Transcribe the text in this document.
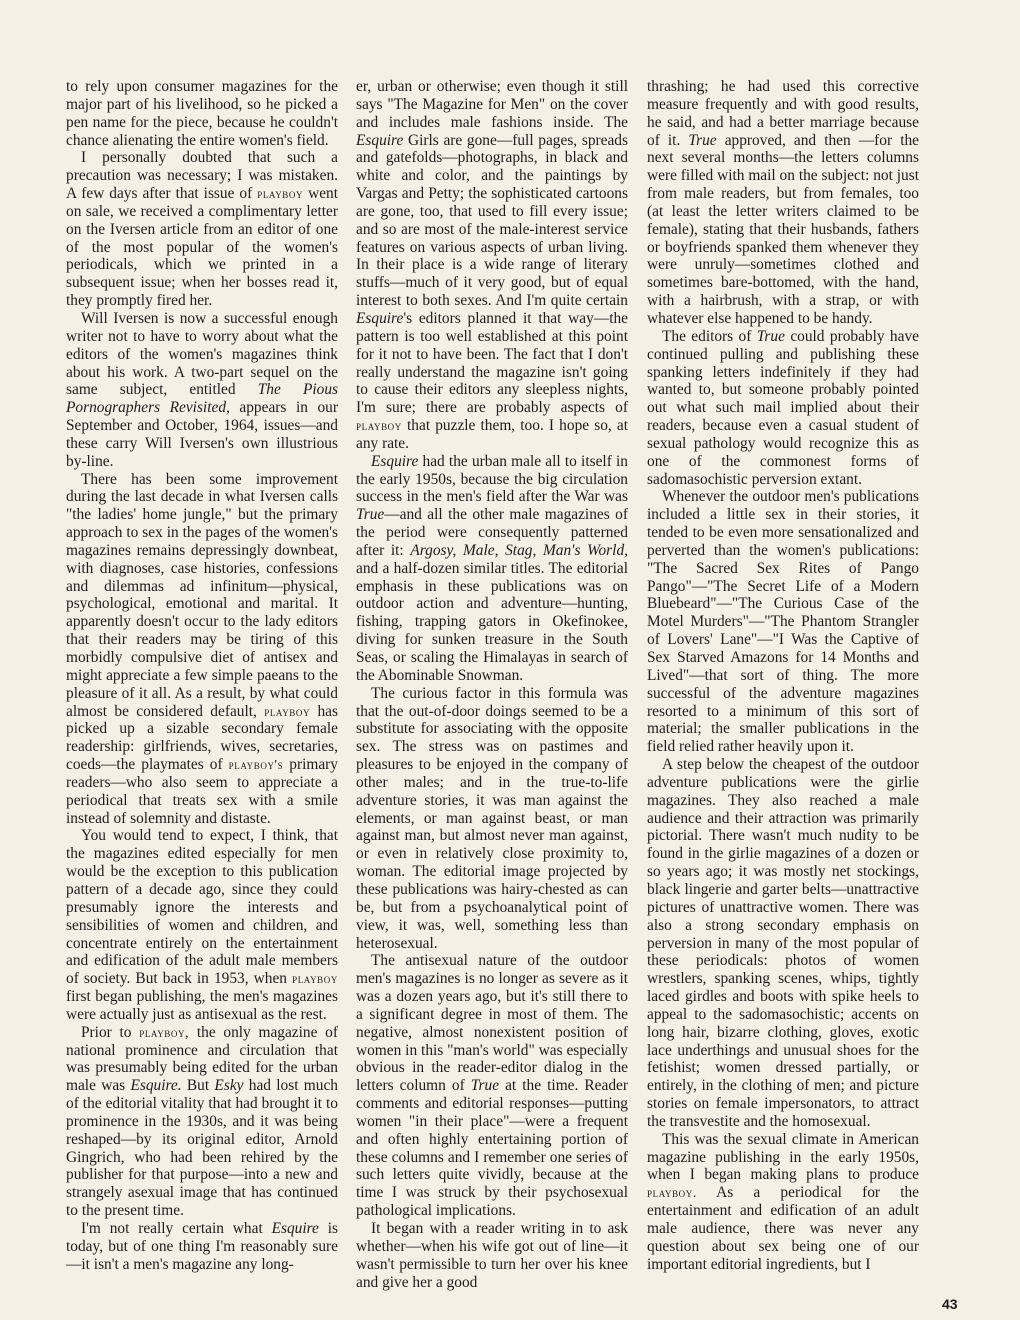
to rely upon consumer magazines for the major part of his livelihood, so he picked a pen name for the piece, because he couldn't chance alienating the entire women's field.

I personally doubted that such a precaution was necessary; I was mistaken. A few days after that issue of playboy went on sale, we received a complimentary letter on the Iversen article from an editor of one of the most popular of the women's periodicals, which we printed in a subsequent issue; when her bosses read it, they promptly fired her.

Will Iversen is now a successful enough writer not to have to worry about what the editors of the women's magazines think about his work. A two-part sequel on the same subject, entitled The Pious Pornographers Revisited, appears in our September and October, 1964, issues—and these carry Will Iversen's own illustrious by-line.

There has been some improvement during the last decade in what Iversen calls "the ladies' home jungle," but the primary approach to sex in the pages of the women's magazines remains depressingly downbeat, with diagnoses, case histories, confessions and dilemmas ad infinitum—physical, psychological, emotional and marital. It apparently doesn't occur to the lady editors that their readers may be tiring of this morbidly compulsive diet of antisex and might appreciate a few simple paeans to the pleasure of it all. As a result, by what could almost be considered default, playboy has picked up a sizable secondary female readership: girlfriends, wives, secretaries, coeds—the playmates of playboy's primary readers—who also seem to appreciate a periodical that treats sex with a smile instead of solemnity and distaste.

You would tend to expect, I think, that the magazines edited especially for men would be the exception to this publication pattern of a decade ago, since they could presumably ignore the interests and sensibilities of women and children, and concentrate entirely on the entertainment and edification of the adult male members of society. But back in 1953, when playboy first began publishing, the men's magazines were actually just as antisexual as the rest.

Prior to playboy, the only magazine of national prominence and circulation that was presumably being edited for the urban male was Esquire. But Esky had lost much of the editorial vitality that had brought it to prominence in the 1930s, and it was being reshaped—by its original editor, Arnold Gingrich, who had been rehired by the publisher for that purpose—into a new and strangely asexual image that has continued to the present time.

I'm not really certain what Esquire is today, but of one thing I'm reasonably sure—it isn't a men's magazine any long-

er, urban or otherwise; even though it still says "The Magazine for Men" on the cover and includes male fashions inside. The Esquire Girls are gone—full pages, spreads and gatefolds—photographs, in black and white and color, and the paintings by Vargas and Petty; the sophisticated cartoons are gone, too, that used to fill every issue; and so are most of the male-interest service features on various aspects of urban living. In their place is a wide range of literary stuffs—much of it very good, but of equal interest to both sexes. And I'm quite certain Esquire's editors planned it that way—the pattern is too well established at this point for it not to have been. The fact that I don't really understand the magazine isn't going to cause their editors any sleepless nights, I'm sure; there are probably aspects of playboy that puzzle them, too. I hope so, at any rate.

Esquire had the urban male all to itself in the early 1950s, because the big circulation success in the men's field after the War was True—and all the other male magazines of the period were consequently patterned after it: Argosy, Male, Stag, Man's World, and a half-dozen similar titles. The editorial emphasis in these publications was on outdoor action and adventure—hunting, fishing, trapping gators in Okefinokee, diving for sunken treasure in the South Seas, or scaling the Himalayas in search of the Abominable Snowman.

The curious factor in this formula was that the out-of-door doings seemed to be a substitute for associating with the opposite sex. The stress was on pastimes and pleasures to be enjoyed in the company of other males; and in the true-to-life adventure stories, it was man against the elements, or man against beast, or man against man, but almost never man against, or even in relatively close proximity to, woman. The editorial image projected by these publications was hairy-chested as can be, but from a psychoanalytical point of view, it was, well, something less than heterosexual.

The antisexual nature of the outdoor men's magazines is no longer as severe as it was a dozen years ago, but it's still there to a significant degree in most of them. The negative, almost nonexistent position of women in this "man's world" was especially obvious in the reader-editor dialog in the letters column of True at the time. Reader comments and editorial responses—putting women "in their place"—were a frequent and often highly entertaining portion of these columns and I remember one series of such letters quite vividly, because at the time I was struck by their psychosexual pathological implications.

It began with a reader writing in to ask whether—when his wife got out of line—it wasn't permissible to turn her over his knee and give her a good

thrashing; he had used this corrective measure frequently and with good results, he said, and had a better marriage because of it. True approved, and then —for the next several months—the letters columns were filled with mail on the subject: not just from male readers, but from females, too (at least the letter writers claimed to be female), stating that their husbands, fathers or boyfriends spanked them whenever they were unruly—sometimes clothed and sometimes bare-bottomed, with the hand, with a hairbrush, with a strap, or with whatever else happened to be handy.

The editors of True could probably have continued pulling and publishing these spanking letters indefinitely if they had wanted to, but someone probably pointed out what such mail implied about their readers, because even a casual student of sexual pathology would recognize this as one of the commonest forms of sadomasochistic perversion extant.

Whenever the outdoor men's publications included a little sex in their stories, it tended to be even more sensationalized and perverted than the women's publications: "The Sacred Sex Rites of Pango Pango"—"The Secret Life of a Modern Bluebeard"—"The Curious Case of the Motel Murders"—"The Phantom Strangler of Lovers' Lane"—"I Was the Captive of Sex Starved Amazons for 14 Months and Lived"—that sort of thing. The more successful of the adventure magazines resorted to a minimum of this sort of material; the smaller publications in the field relied rather heavily upon it.

A step below the cheapest of the outdoor adventure publications were the girlie magazines. They also reached a male audience and their attraction was primarily pictorial. There wasn't much nudity to be found in the girlie magazines of a dozen or so years ago; it was mostly net stockings, black lingerie and garter belts—unattractive pictures of unattractive women. There was also a strong secondary emphasis on perversion in many of the most popular of these periodicals: photos of women wrestlers, spanking scenes, whips, tightly laced girdles and boots with spike heels to appeal to the sadomasochistic; accents on long hair, bizarre clothing, gloves, exotic lace underthings and unusual shoes for the fetishist; women dressed partially, or entirely, in the clothing of men; and picture stories on female impersonators, to attract the transvestite and the homosexual.

This was the sexual climate in American magazine publishing in the early 1950s, when I began making plans to produce playboy. As a periodical for the entertainment and edification of an adult male audience, there was never any question about sex being one of our important editorial ingredients, but I

43
